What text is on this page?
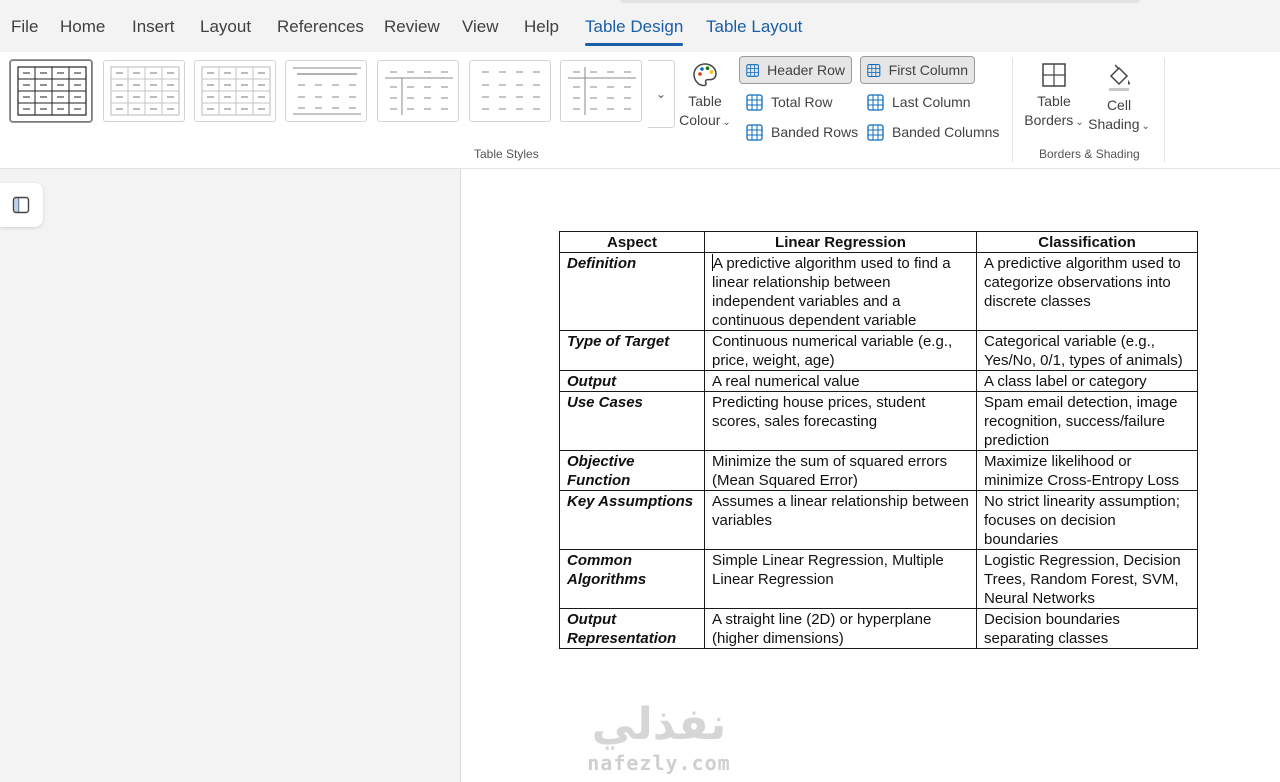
File Home Insert Layout References Review View Help Table Design Table Layout
⌄
Table Styles
Table
Colour ⌄
Header Row
Total Row
Banded Rows
First Column
Last Column
Banded Columns
Table
Borders ⌄
Cell
Shading ⌄
Borders & Shading
Aspect	Linear Regression	Classification
Definition	A predictive algorithm used to find a linear relationship between independent variables and a continuous dependent variable	A predictive algorithm used to categorize observations into discrete classes
Type of Target	Continuous numerical variable (e.g., price, weight, age)	Categorical variable (e.g., Yes/No, 0/1, types of animals)
Output	A real numerical value	A class label or category
Use Cases	Predicting house prices, student scores, sales forecasting	Spam email detection, image recognition, success/failure prediction
Objective Function	Minimize the sum of squared errors (Mean Squared Error)	Maximize likelihood or minimize Cross-Entropy Loss
Key Assumptions	Assumes a linear relationship between variables	No strict linearity assumption; focuses on decision boundaries
Common Algorithms	Simple Linear Regression, Multiple Linear Regression	Logistic Regression, Decision Trees, Random Forest, SVM, Neural Networks
Output Representation	A straight line (2D) or hyperplane (higher dimensions)	Decision boundaries separating classes
نفذلي
nafezly.com
